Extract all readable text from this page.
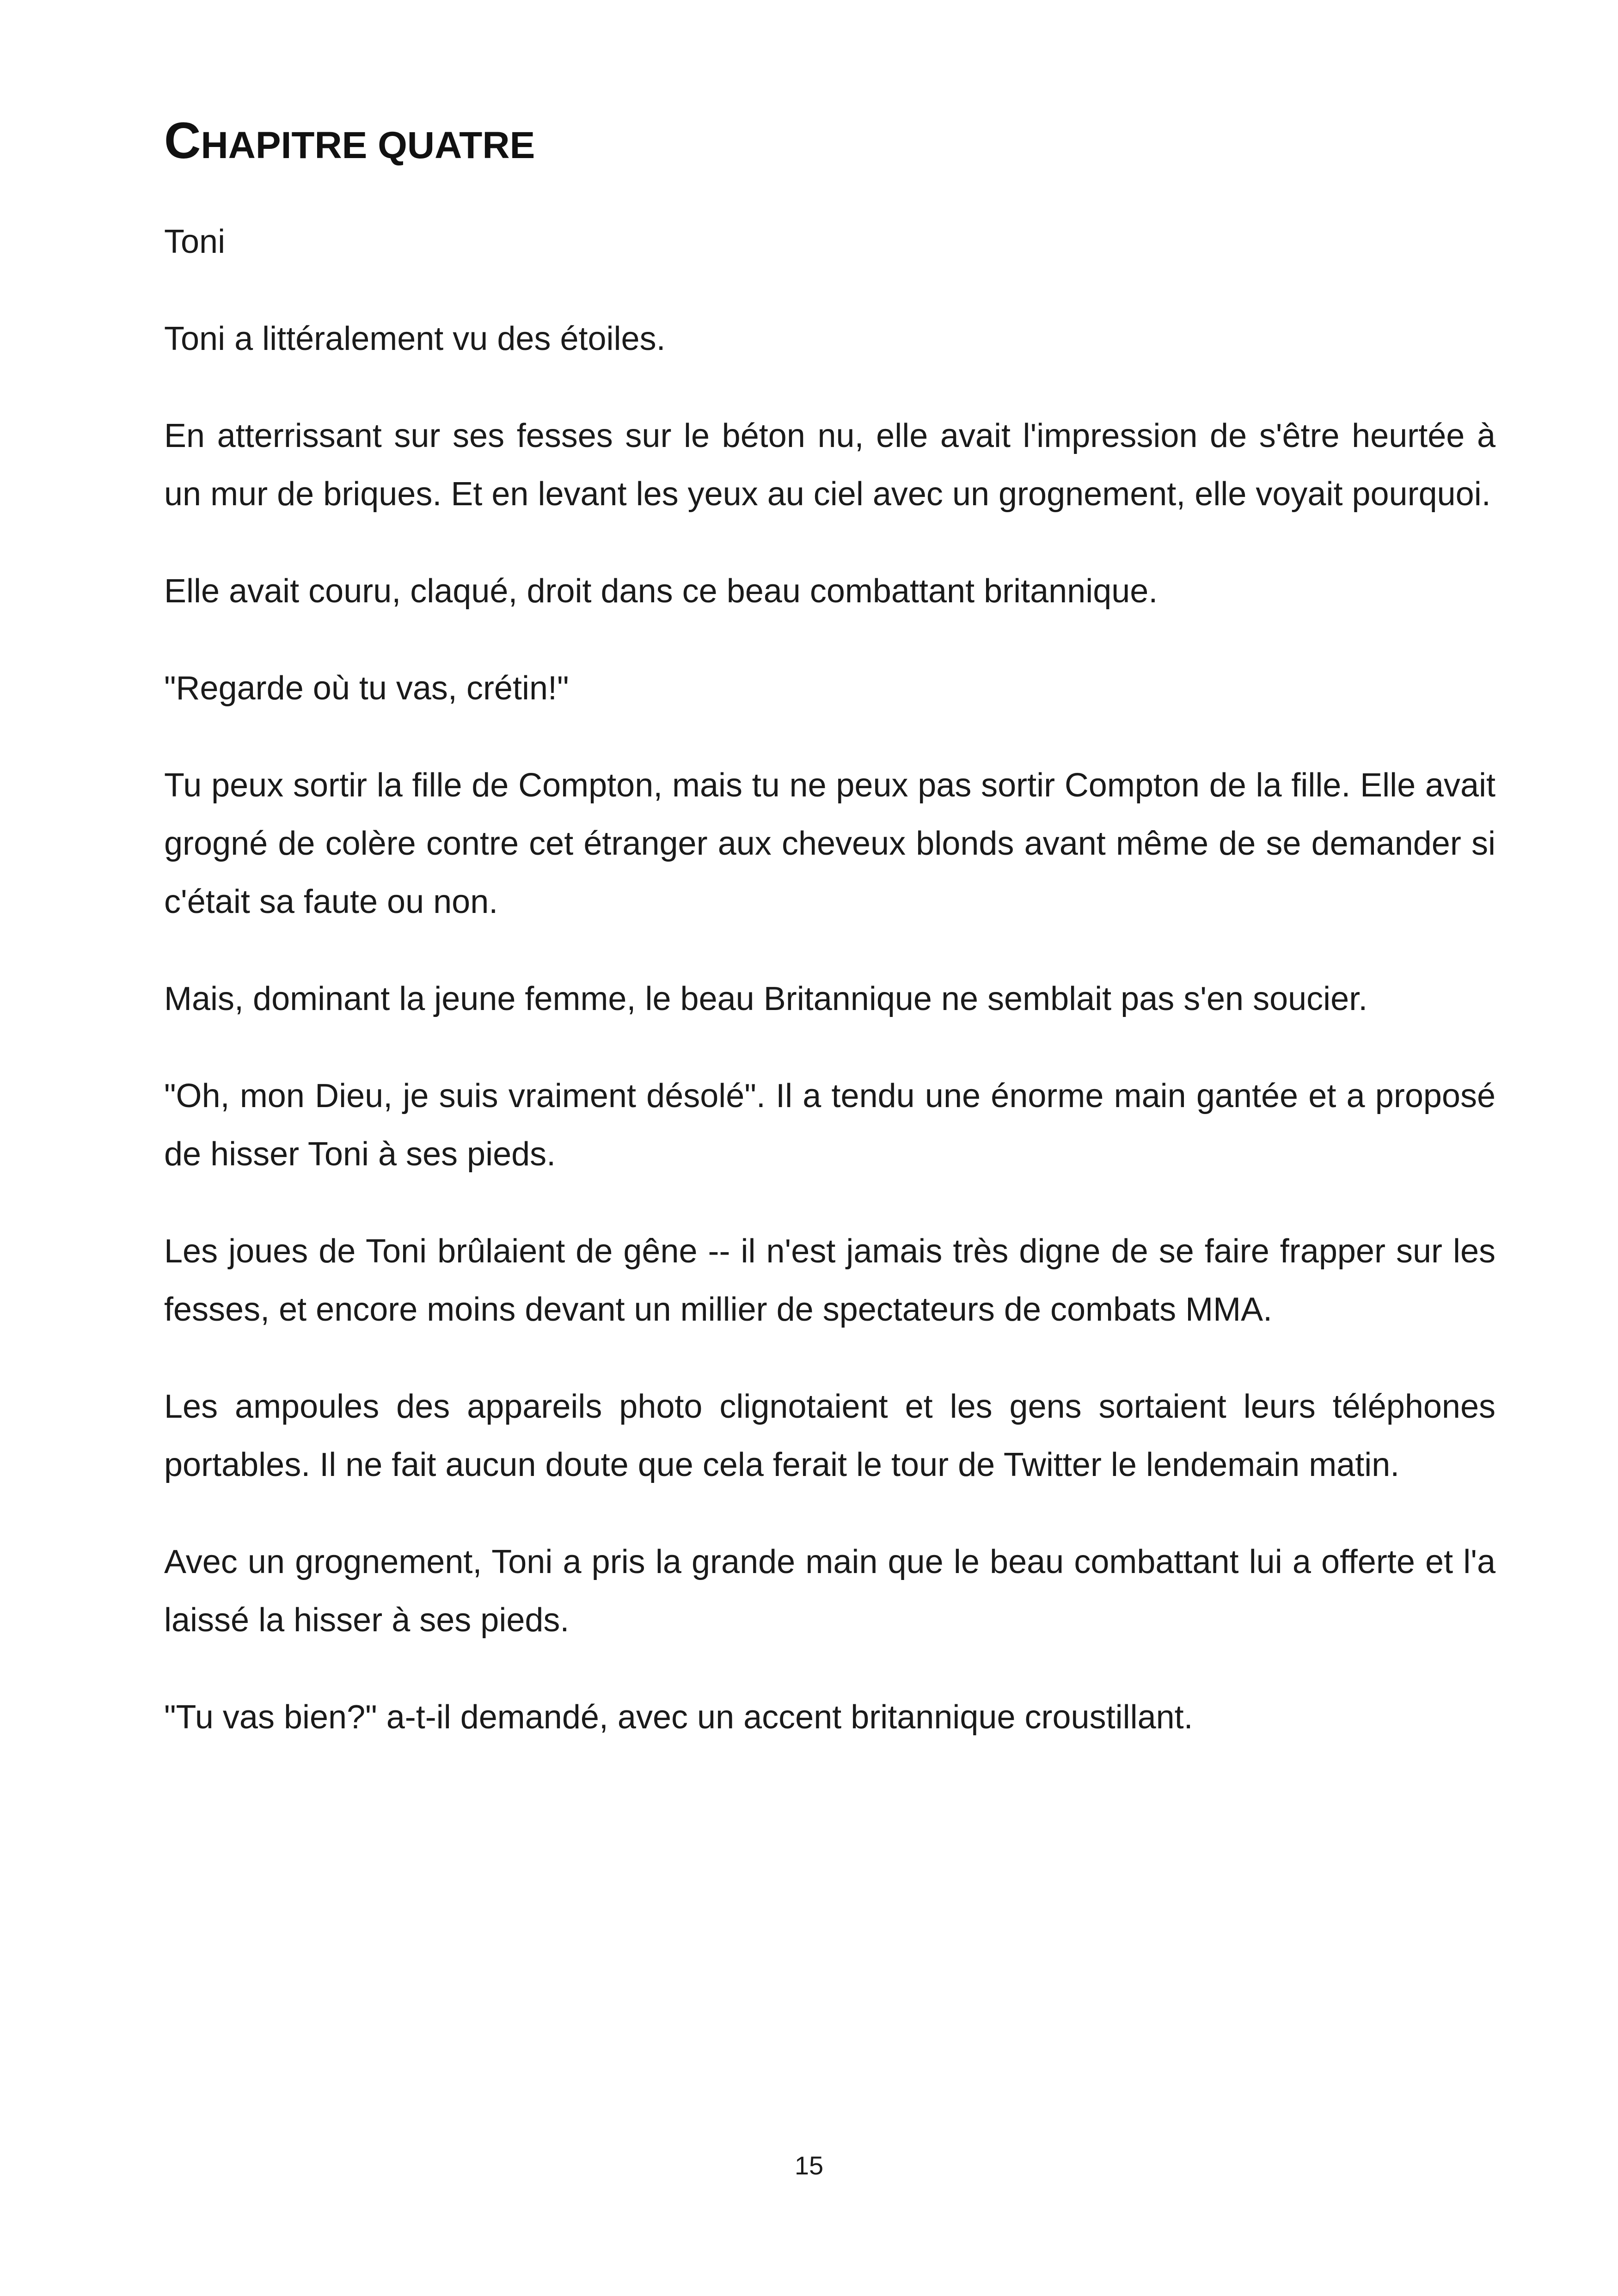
CHAPITRE QUATRE

Toni

Toni a littéralement vu des étoiles.

En atterrissant sur ses fesses sur le béton nu, elle avait l'impression de s'être heurtée à un mur de briques. Et en levant les yeux au ciel avec un grognement, elle voyait pourquoi.

Elle avait couru, claqué, droit dans ce beau combattant britannique.

"Regarde où tu vas, crétin!"

Tu peux sortir la fille de Compton, mais tu ne peux pas sortir Compton de la fille. Elle avait grogné de colère contre cet étranger aux cheveux blonds avant même de se demander si c'était sa faute ou non.

Mais, dominant la jeune femme, le beau Britannique ne semblait pas s'en soucier.

"Oh, mon Dieu, je suis vraiment désolé". Il a tendu une énorme main gantée et a proposé de hisser Toni à ses pieds.

Les joues de Toni brûlaient de gêne -- il n'est jamais très digne de se faire frapper sur les fesses, et encore moins devant un millier de spectateurs de combats MMA.

Les ampoules des appareils photo clignotaient et les gens sortaient leurs téléphones portables. Il ne fait aucun doute que cela ferait le tour de Twitter le lendemain matin.

Avec un grognement, Toni a pris la grande main que le beau combattant lui a offerte et l'a laissé la hisser à ses pieds.

"Tu vas bien?" a-t-il demandé, avec un accent britannique croustillant.

15
